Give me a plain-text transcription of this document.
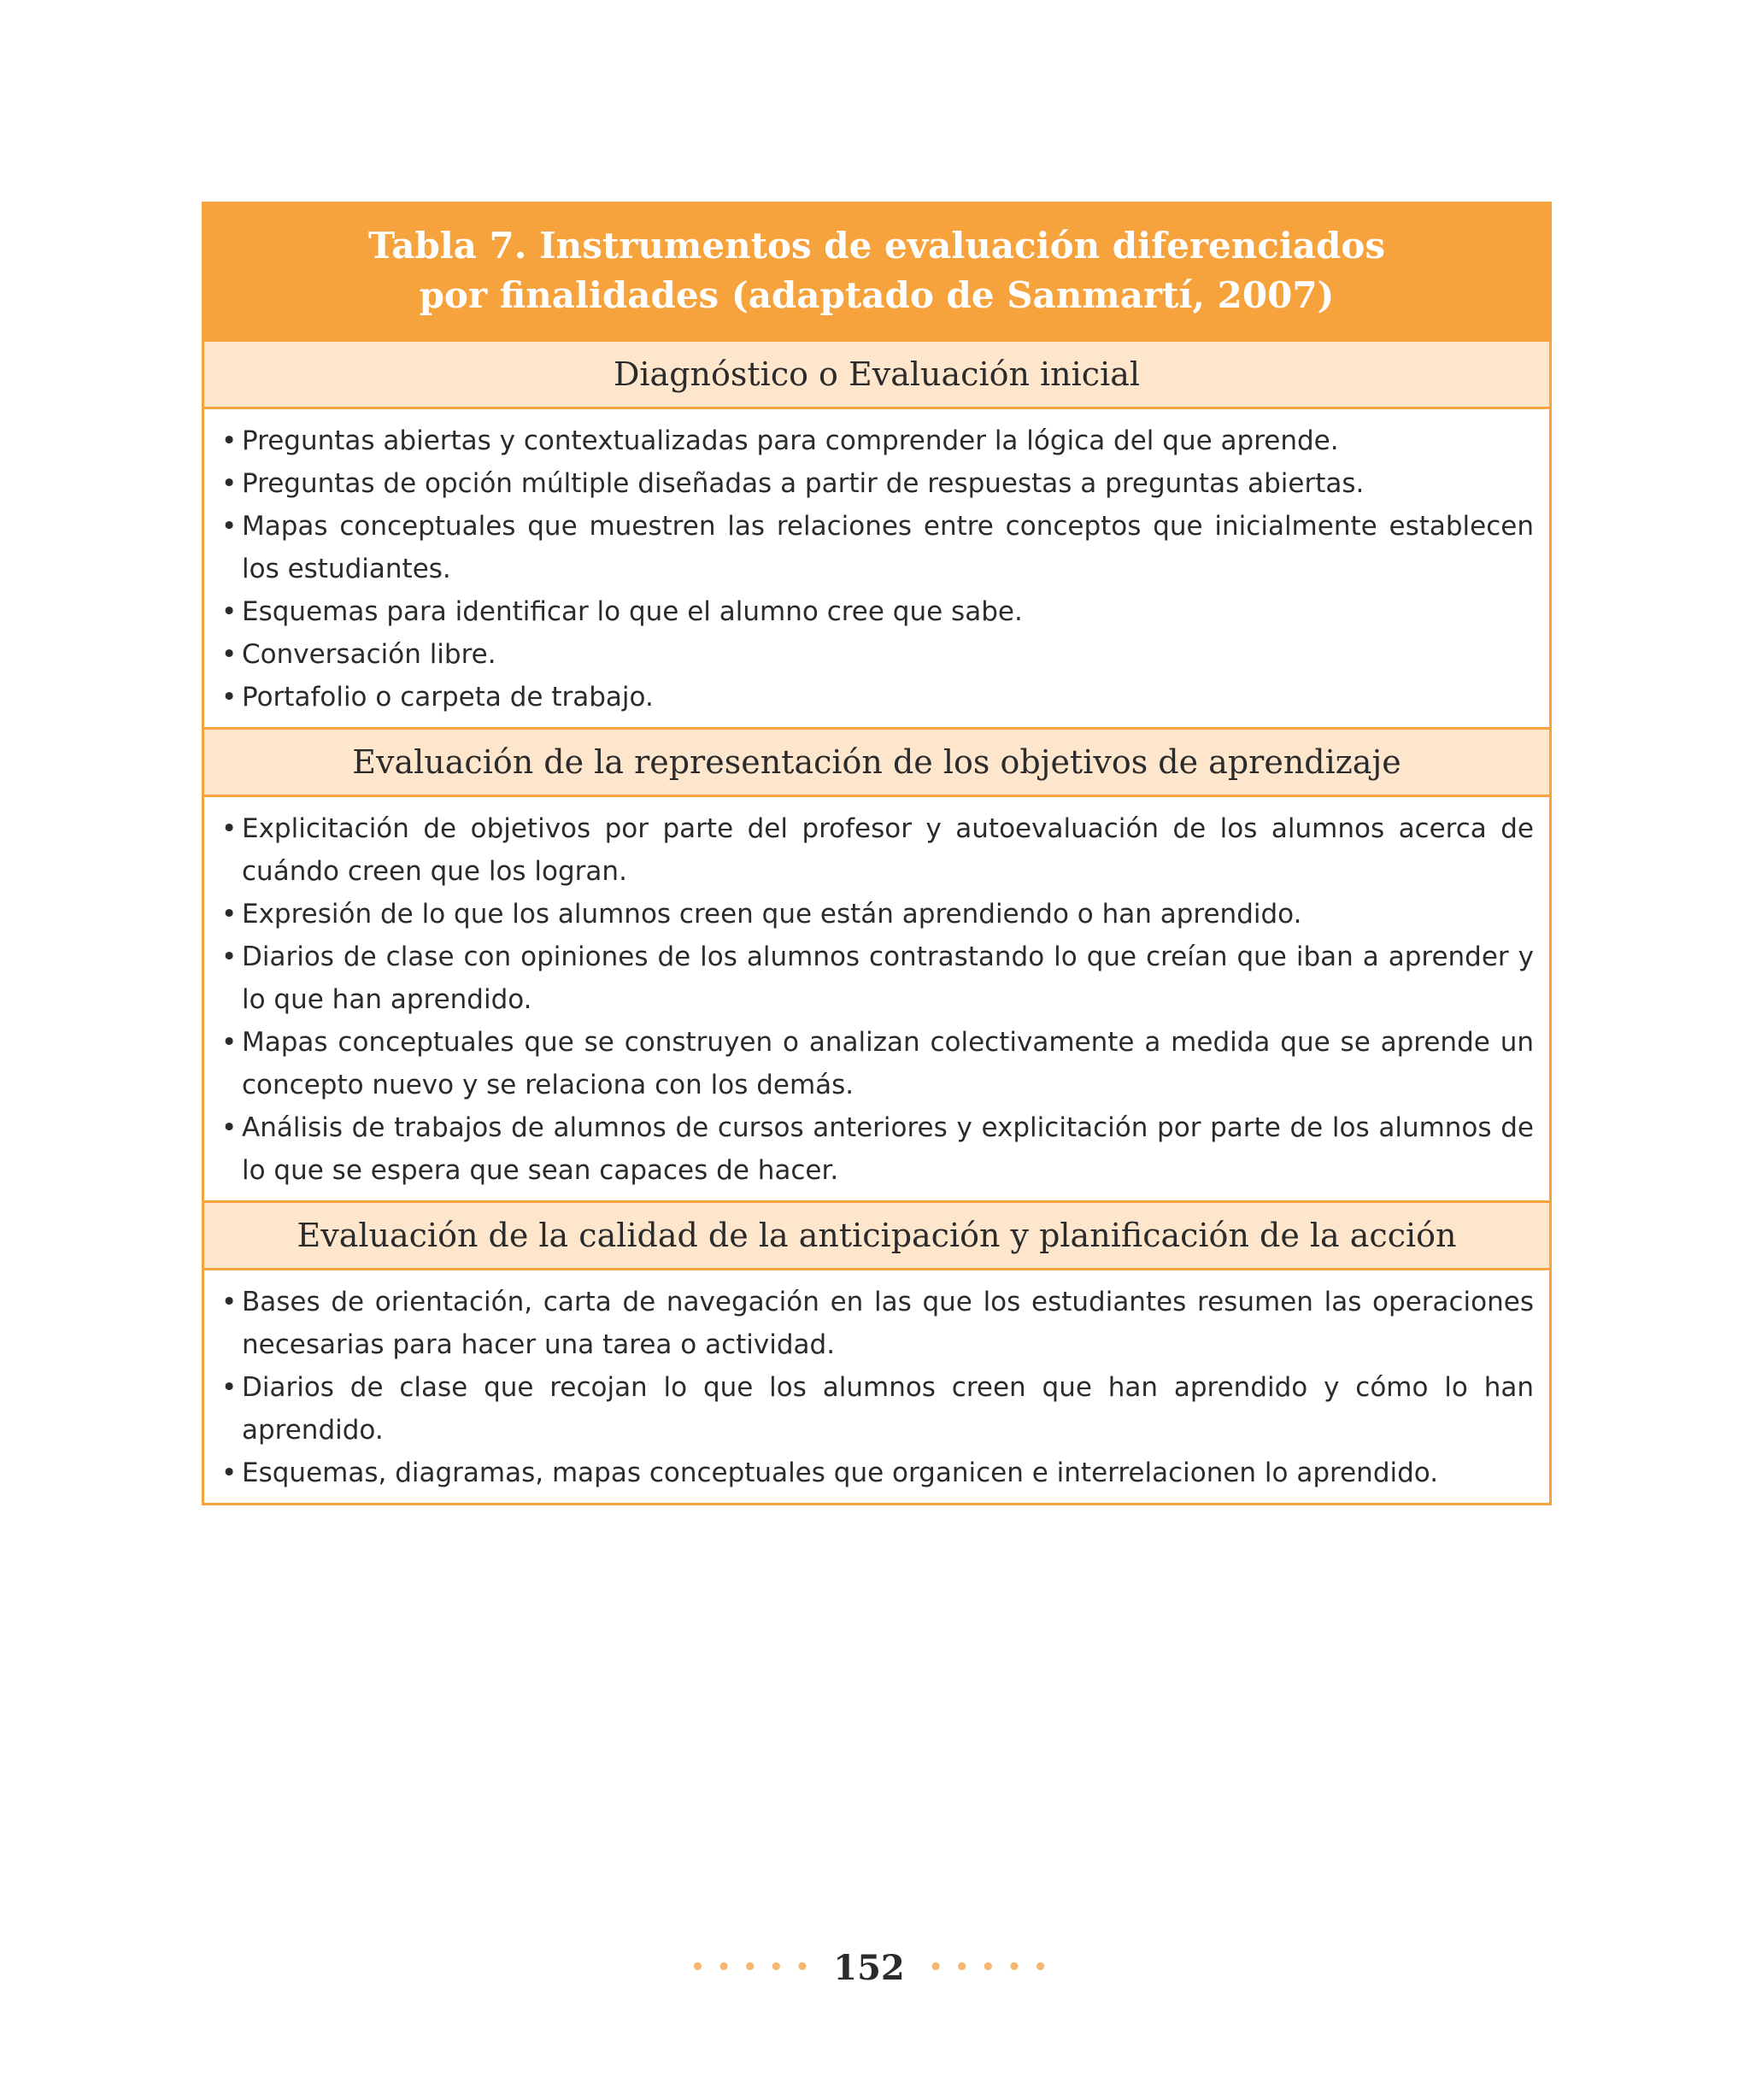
Tabla 7. Instrumentos de evaluación diferenciados
por finalidades (adaptado de Sanmartí, 2007)
Diagnóstico o Evaluación inicial
• Preguntas abiertas y contextualizadas para comprender la lógica del que aprende.
• Preguntas de opción múltiple diseñadas a partir de respuestas a preguntas abiertas.
• Mapas conceptuales que muestren las relaciones entre conceptos que inicialmente establecen los estudiantes.
• Esquemas para identificar lo que el alumno cree que sabe.
• Conversación libre.
• Portafolio o carpeta de trabajo.
Evaluación de la representación de los objetivos de aprendizaje
• Explicitación de objetivos por parte del profesor y autoevaluación de los alumnos acerca de cuándo creen que los logran.
• Expresión de lo que los alumnos creen que están aprendiendo o han aprendido.
• Diarios de clase con opiniones de los alumnos contrastando lo que creían que iban a aprender y lo que han aprendido.
• Mapas conceptuales que se construyen o analizan colectivamente a medida que se aprende un concepto nuevo y se relaciona con los demás.
• Análisis de trabajos de alumnos de cursos anteriores y explicitación por parte de los alumnos de lo que se espera que sean capaces de hacer.
Evaluación de la calidad de la anticipación y planificación de la acción
• Bases de orientación, carta de navegación en las que los estudiantes resumen las operaciones necesarias para hacer una tarea o actividad.
• Diarios de clase que recojan lo que los alumnos creen que han aprendido y cómo lo han aprendido.
• Esquemas, diagramas, mapas conceptuales que organicen e interrelacionen lo aprendido.
••••• 152 •••••
